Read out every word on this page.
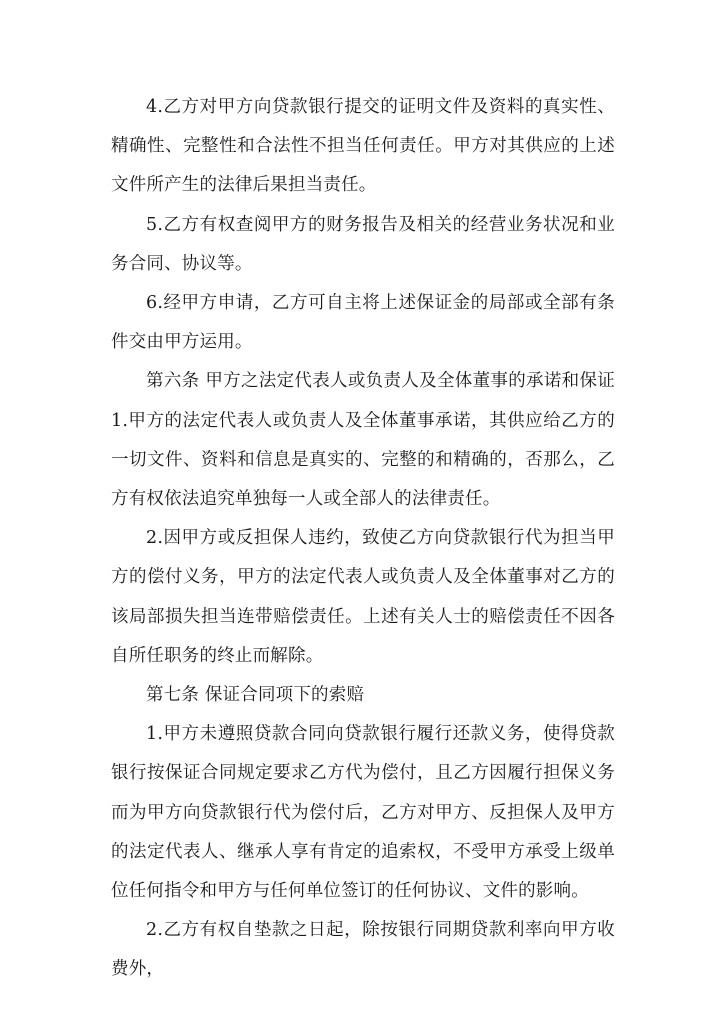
4.乙方对甲方向贷款银行提交的证明文件及资料的真实性、精确性、完整性和合法性不担当任何责任。甲方对其供应的上述文件所产生的法律后果担当责任。

5.乙方有权查阅甲方的财务报告及相关的经营业务状况和业务合同、协议等。

6.经甲方申请，乙方可自主将上述保证金的局部或全部有条件交由甲方运用。

第六条 甲方之法定代表人或负责人及全体董事的承诺和保证 1.甲方的法定代表人或负责人及全体董事承诺，其供应给乙方的一切文件、资料和信息是真实的、完整的和精确的，否那么，乙方有权依法追究单独每一人或全部人的法律责任。

2.因甲方或反担保人违约，致使乙方向贷款银行代为担当甲方的偿付义务，甲方的法定代表人或负责人及全体董事对乙方的该局部损失担当连带赔偿责任。上述有关人士的赔偿责任不因各自所任职务的终止而解除。

第七条 保证合同项下的索赔

1.甲方未遵照贷款合同向贷款银行履行还款义务，使得贷款银行按保证合同规定要求乙方代为偿付，且乙方因履行担保义务而为甲方向贷款银行代为偿付后，乙方对甲方、反担保人及甲方的法定代表人、继承人享有肯定的追索权，不受甲方承受上级单位任何指令和甲方与任何单位签订的任何协议、文件的影响。

2.乙方有权自垫款之日起，除按银行同期贷款利率向甲方收费外，
